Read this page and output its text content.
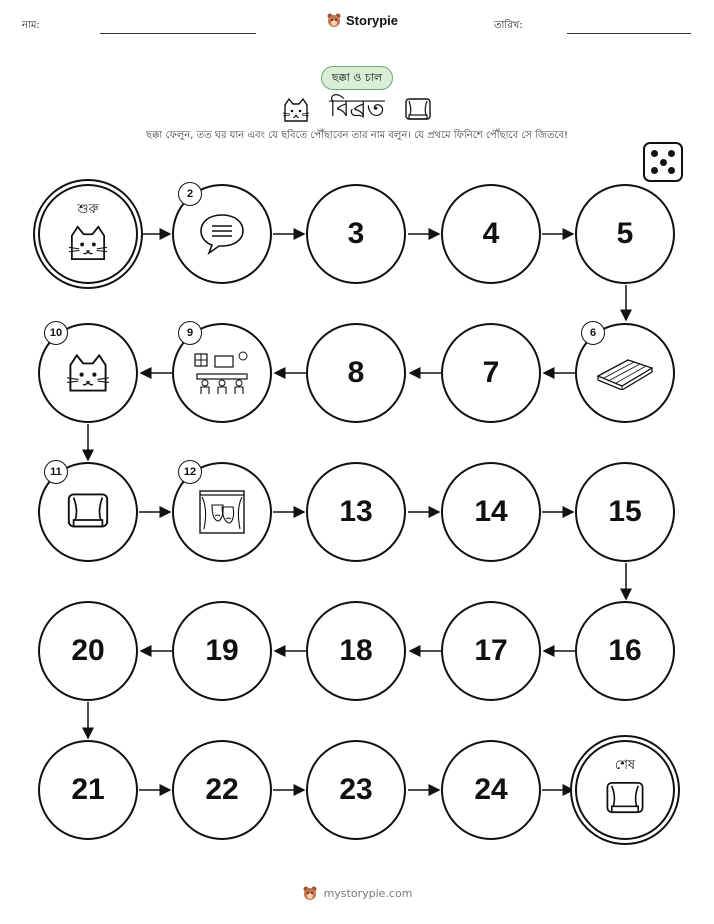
নাম:	Storypie	তারিখ:
ছক্কা ও চাল
বিব্রত
ছক্কা ফেলুন, তত ঘর যান এবং যে ছবিতে পৌঁছাবেন তার নাম বলুন। যে প্রথমে ফিনিশে পৌঁছাবে সে জিতবে!
শুরু
2
3	4	5
10	9
8	7
6
11	12
13	14	15
20	19	18	17	16
21	22	23	24
শেষ
mystorypie.com
